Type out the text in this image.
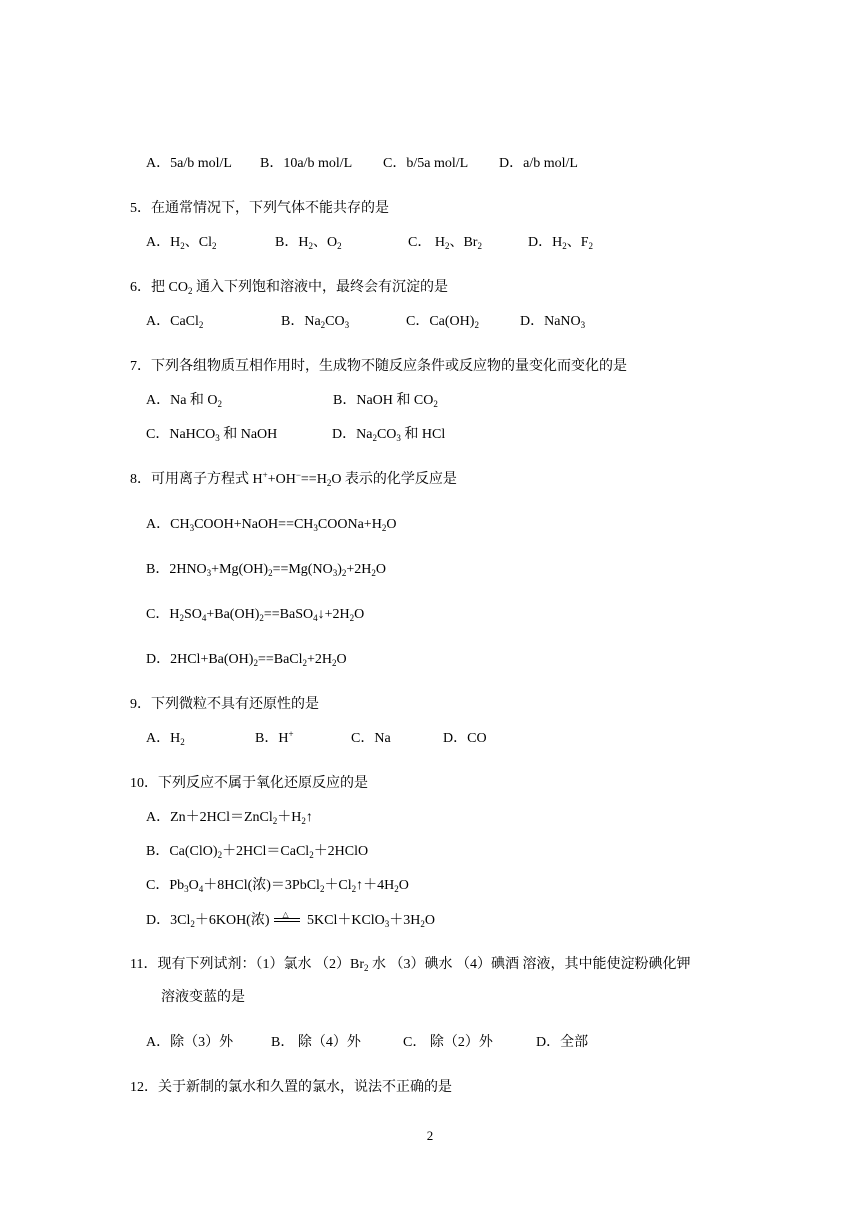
A．5a/b mol/L B．10a/b mol/L C．b/5a mol/L D．a/b mol/L
5．在通常情况下，下列气体不能共存的是
A．$H_2$、$Cl_2$	B．$H_2$、$O_2$	C． $H_2$、$Br_2$	D．$H_2$、$F_2$
6．把 $CO_2$ 通入下列饱和溶液中，最终会有沉淀的是
A．CaCl$_2$	B．$Na_2CO_3$	C．$Ca(OH)_2$	D．NaNO$_3$
7．下列各组物质互相作用时，生成物不随反应条件或反应物的量变化而变化的是
A．Na 和 $O_2$	B．NaOH 和 $CO_2$
C．NaHCO$_3$ 和 NaOH	D．$Na_2CO_3$ 和 HCl
8．可用离子方程式 $H^++OH^-==H_2O$ 表示的化学反应是
A．$CH_3COOH+NaOH==CH_3COONa+H_2O$
B．$2HNO_3+Mg(OH)_2==Mg(NO_3)_2+2H_2O$
C．$H_2SO_4+Ba(OH)_2==BaSO_4↓+2H_2O$
D．$2HCl+Ba(OH)_2==BaCl_2+2H_2O$
9．下列微粒不具有还原性的是
A．$H_2$	B．H+	C．Na	D．CO
10．下列反应不属于氧化还原反应的是
A．$Zn+2HCl=ZnCl_2+H_2↑$
B．$Ca(ClO)_2+2HCl=CaCl_2+2HClO$
C．$Pb_3O_4+8HCl$(浓)$=3PbCl_2+Cl_2↑+4H_2O$
D．$3Cl_2+6KOH$(浓) △ $5KCl+KClO_3+3H_2O$
11．现有下列试剂：（1）氯水 $(2)Br_2$ 水 （3）碘水 （4）碘酒 溶液，其中能使淀粉碘化钾
溶液变蓝的是
A．除（3）外	B． 除（4）外	C． 除（2）外	D．全部
12．关于新制的氯水和久置的氯水，说法不正确的是
2
